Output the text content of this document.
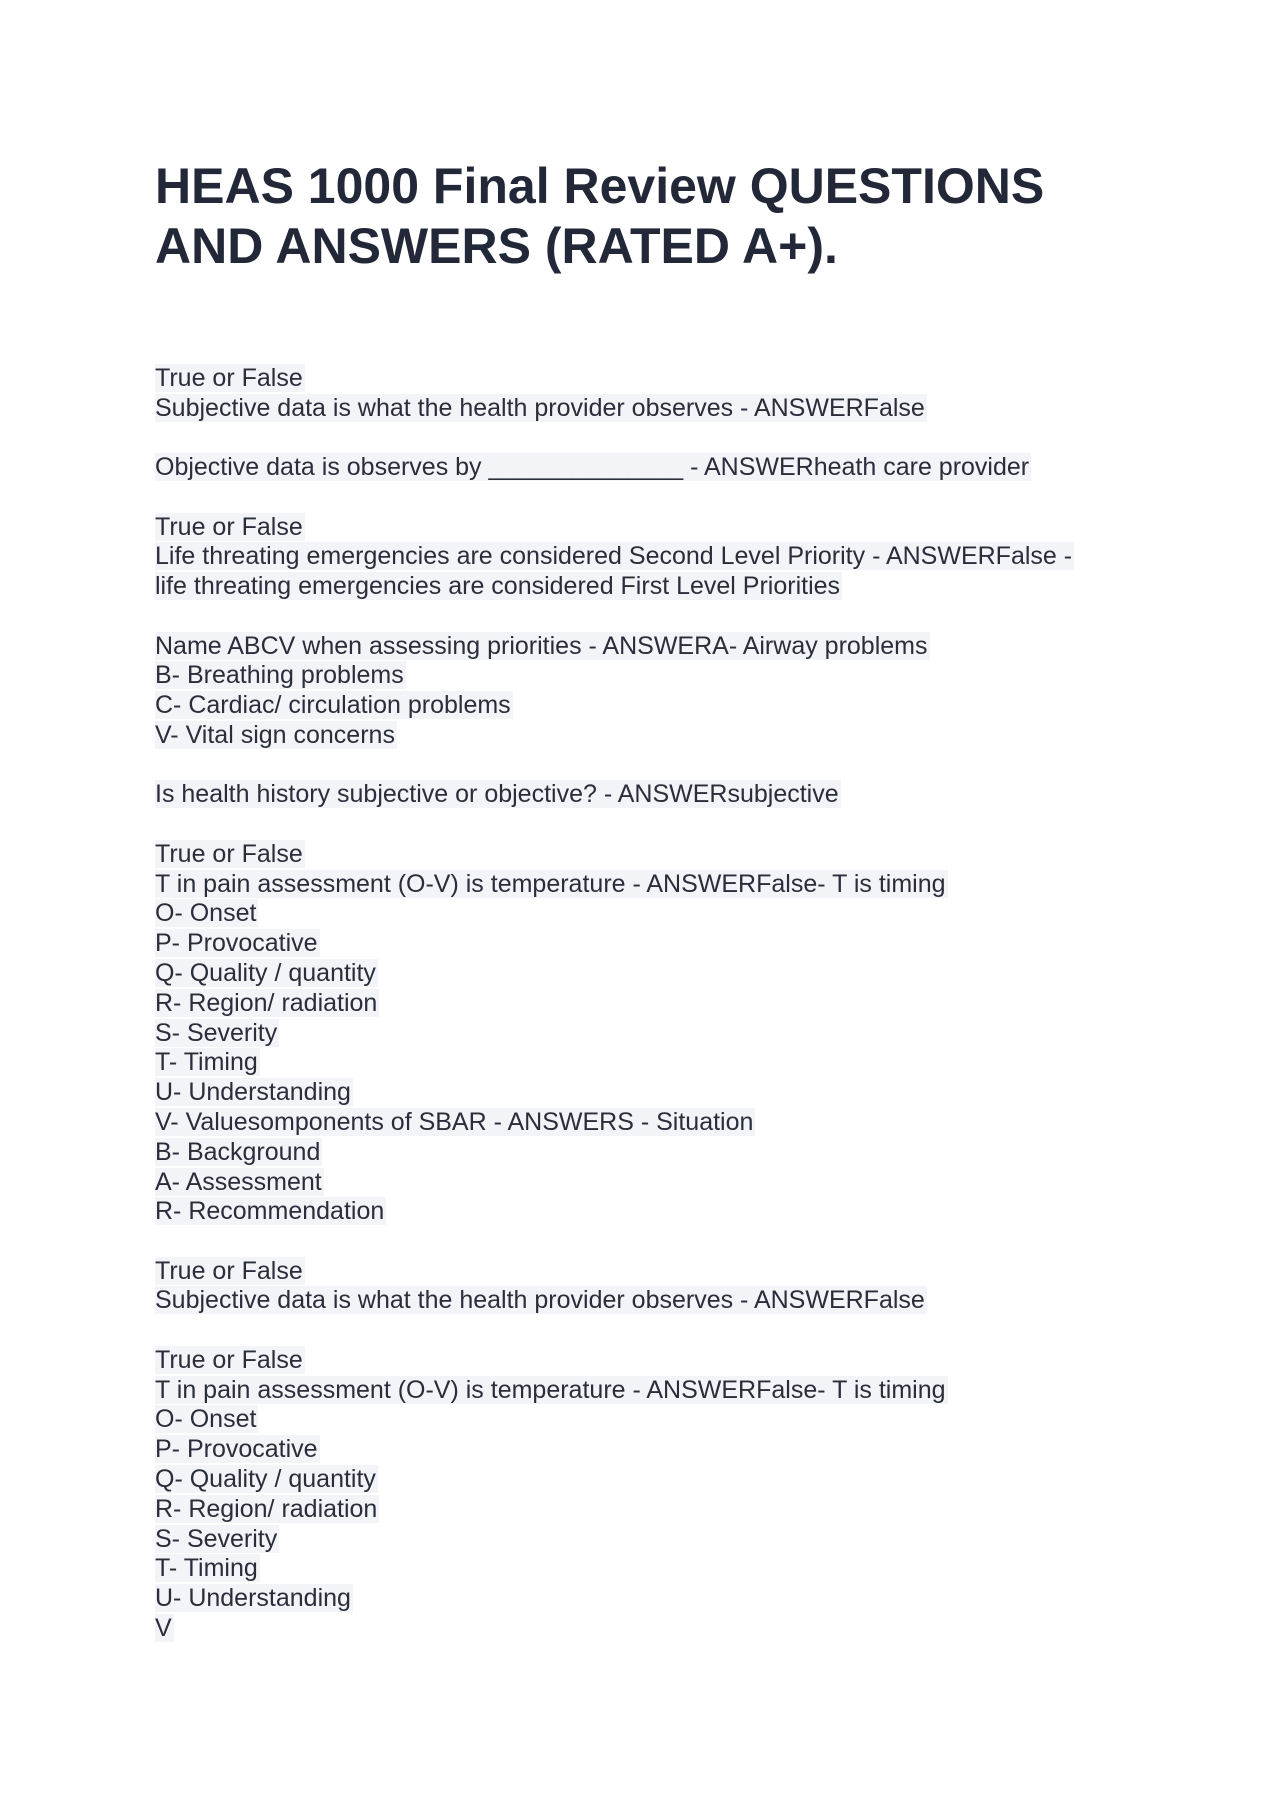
HEAS 1000 Final Review QUESTIONS
AND ANSWERS (RATED A+).
True or False
Subjective data is what the health provider observes - ANSWERFalse
Objective data is observes by ______________ - ANSWERheath care provider
True or False
Life threating emergencies are considered Second Level Priority - ANSWERFalse -
life threating emergencies are considered First Level Priorities
Name ABCV when assessing priorities - ANSWERA- Airway problems
B- Breathing problems
C- Cardiac/ circulation problems
V- Vital sign concerns
Is health history subjective or objective? - ANSWERsubjective
True or False
T in pain assessment (O-V) is temperature - ANSWERFalse- T is timing
O- Onset
P- Provocative
Q- Quality / quantity
R- Region/ radiation
S- Severity
T- Timing
U- Understanding
V- Valuesomponents of SBAR - ANSWERS - Situation
B- Background
A- Assessment
R- Recommendation
True or False
Subjective data is what the health provider observes - ANSWERFalse
True or False
T in pain assessment (O-V) is temperature - ANSWERFalse- T is timing
O- Onset
P- Provocative
Q- Quality / quantity
R- Region/ radiation
S- Severity
T- Timing
U- Understanding
V
